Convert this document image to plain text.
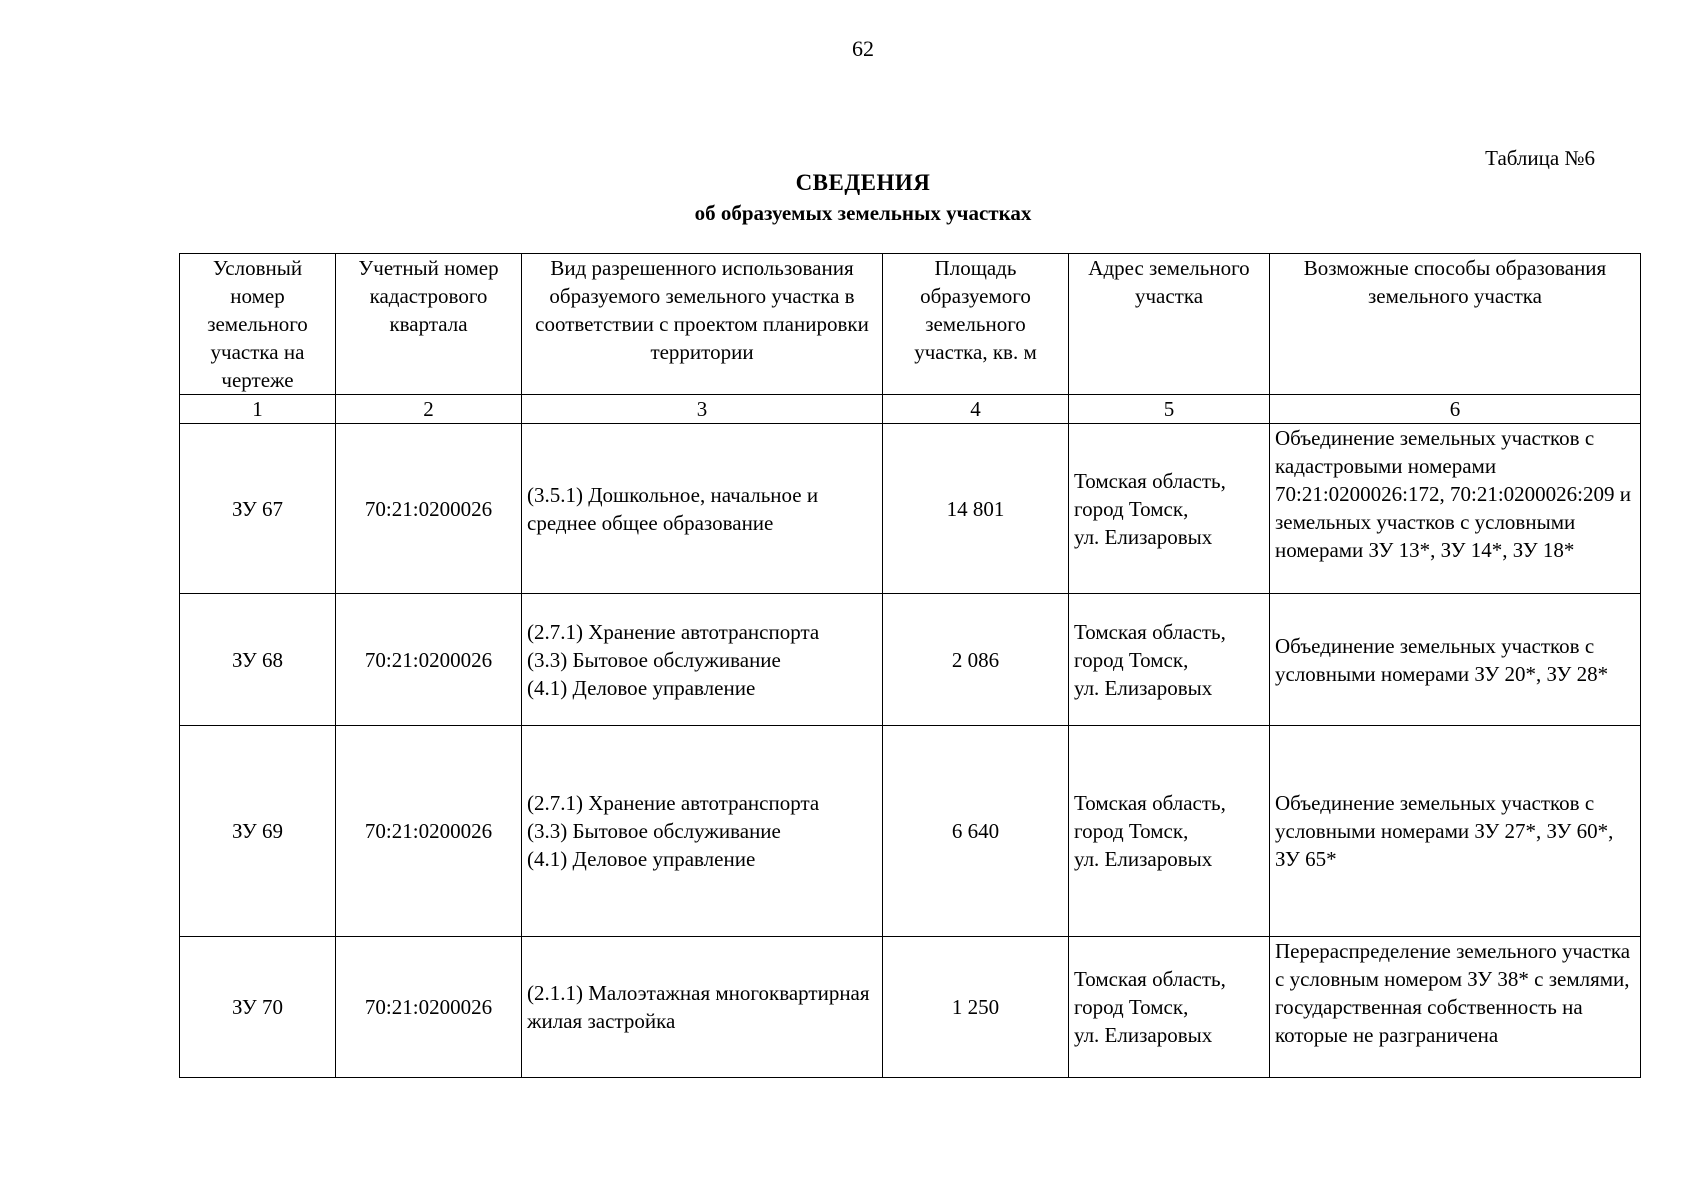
62
Таблица №6
СВЕДЕНИЯ
об образуемых земельных участках
Условный номер земельного участка на чертеже	Учетный номер кадастрового квартала	Вид разрешенного использования образуемого земельного участка в соответствии с проектом планировки территории	Площадь образуемого земельного участка, кв. м	Адрес земельного участка	Возможные способы образования земельного участка
1	2	3	4	5	6
ЗУ 67	70:21:0200026	(3.5.1) Дошкольное, начальное и среднее общее образование	14 801	Томская область,
город Томск,
ул. Елизаровых	Объединение земельных участков с кадастровыми номерами 70:21:0200026:172, 70:21:0200026:209 и земельных участков с условными номерами ЗУ 13*, ЗУ 14*, ЗУ 18*
ЗУ 68	70:21:0200026	(2.7.1) Хранение автотранспорта
(3.3) Бытовое обслуживание
(4.1) Деловое управление	2 086	Томская область,
город Томск,
ул. Елизаровых	Объединение земельных участков с условными номерами ЗУ 20*, ЗУ 28*
ЗУ 69	70:21:0200026	(2.7.1) Хранение автотранспорта
(3.3) Бытовое обслуживание
(4.1) Деловое управление	6 640	Томская область,
город Томск,
ул. Елизаровых	Объединение земельных участков с условными номерами ЗУ 27*, ЗУ 60*, ЗУ 65*
ЗУ 70	70:21:0200026	(2.1.1) Малоэтажная многоквартирная жилая застройка	1 250	Томская область,
город Томск,
ул. Елизаровых	Перераспределение земельного участка с условным номером ЗУ 38* с землями, государственная собственность на которые не разграничена
